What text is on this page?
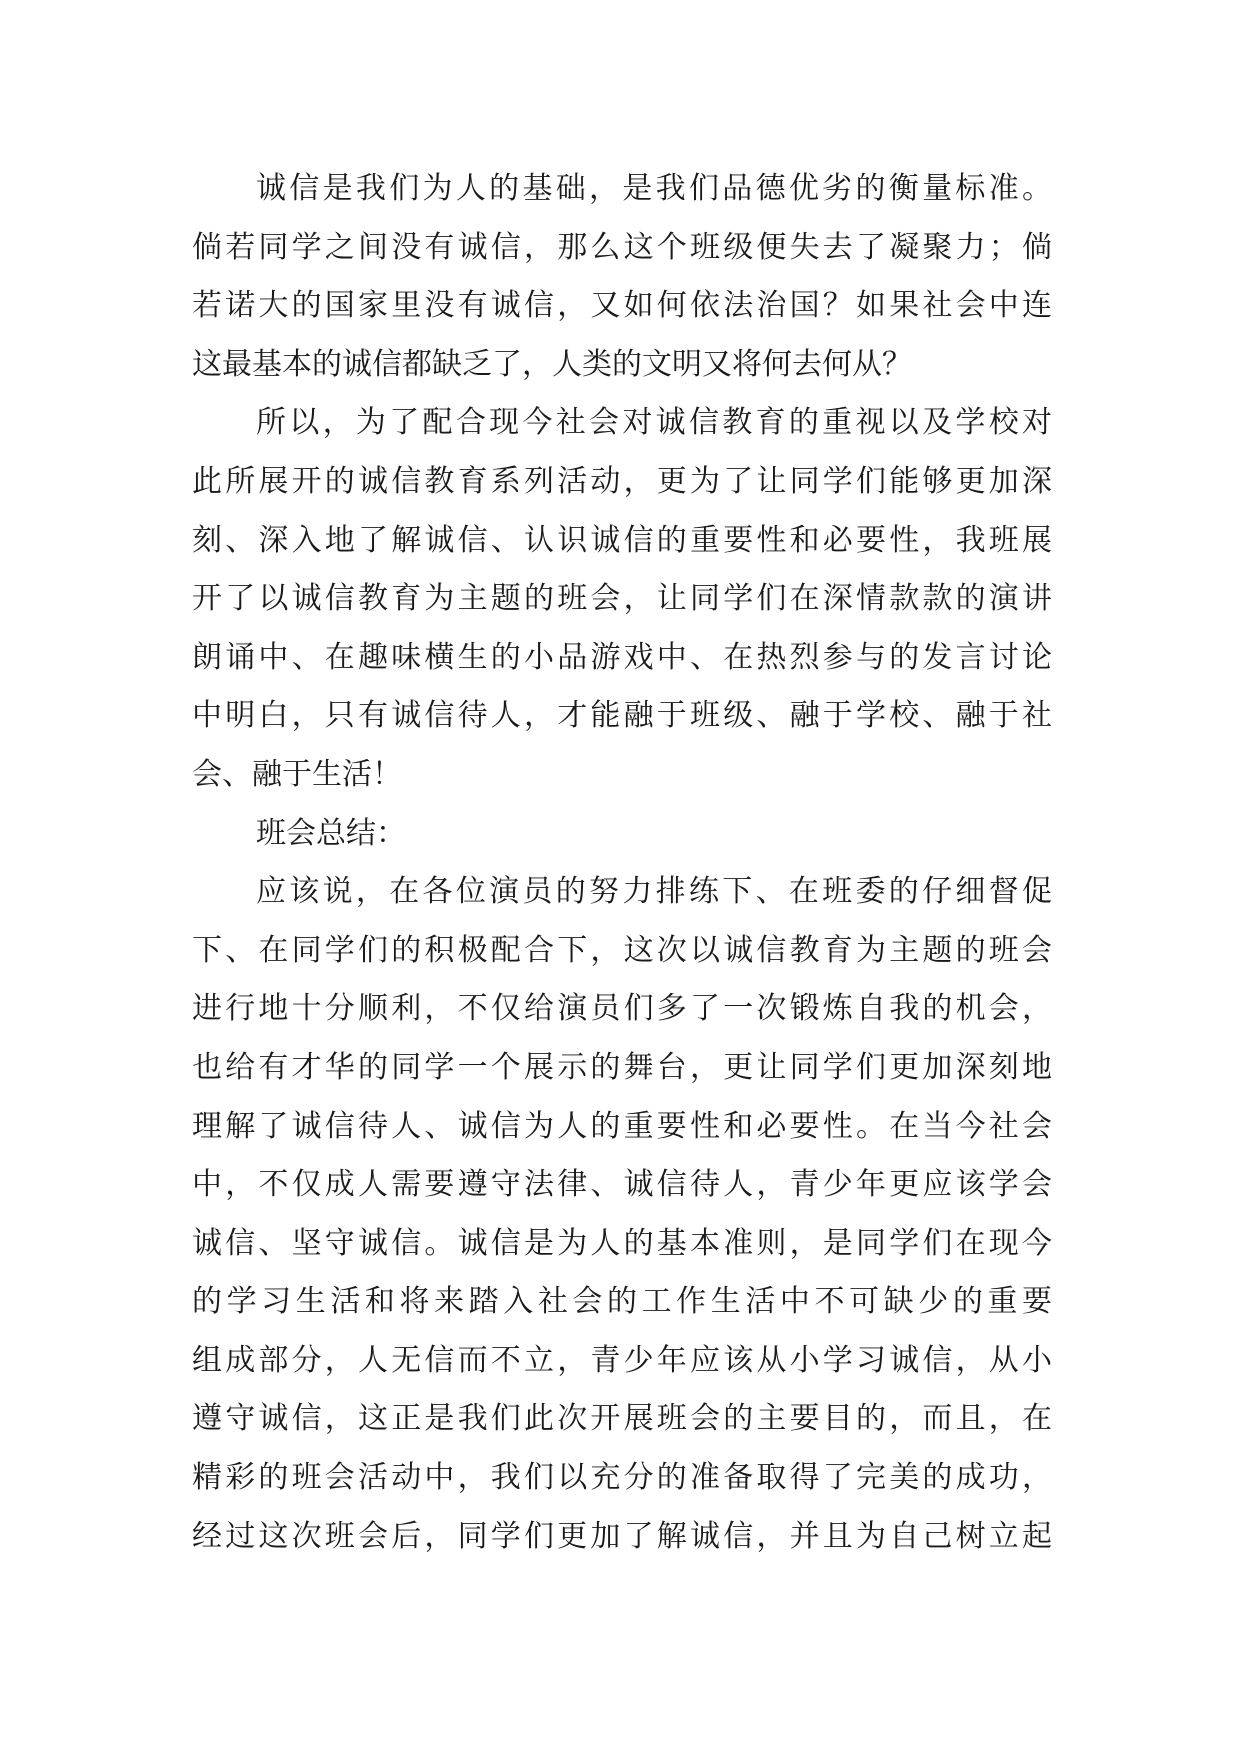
诚信是我们为人的基础，是我们品德优劣的衡量标准。
倘若同学之间没有诚信，那么这个班级便失去了凝聚力；倘
若诺大的国家里没有诚信，又如何依法治国？如果社会中连
这最基本的诚信都缺乏了，人类的文明又将何去何从？
所以，为了配合现今社会对诚信教育的重视以及学校对
此所展开的诚信教育系列活动，更为了让同学们能够更加深
刻、深入地了解诚信、认识诚信的重要性和必要性，我班展
开了以诚信教育为主题的班会，让同学们在深情款款的演讲
朗诵中、在趣味横生的小品游戏中、在热烈参与的发言讨论
中明白，只有诚信待人，才能融于班级、融于学校、融于社
会、融于生活！
班会总结：
应该说，在各位演员的努力排练下、在班委的仔细督促
下、在同学们的积极配合下，这次以诚信教育为主题的班会
进行地十分顺利，不仅给演员们多了一次锻炼自我的机会，
也给有才华的同学一个展示的舞台，更让同学们更加深刻地
理解了诚信待人、诚信为人的重要性和必要性。在当今社会
中，不仅成人需要遵守法律、诚信待人，青少年更应该学会
诚信、坚守诚信。诚信是为人的基本准则，是同学们在现今
的学习生活和将来踏入社会的工作生活中不可缺少的重要
组成部分，人无信而不立，青少年应该从小学习诚信，从小
遵守诚信，这正是我们此次开展班会的主要目的，而且，在
精彩的班会活动中，我们以充分的准备取得了完美的成功，
经过这次班会后，同学们更加了解诚信，并且为自己树立起
